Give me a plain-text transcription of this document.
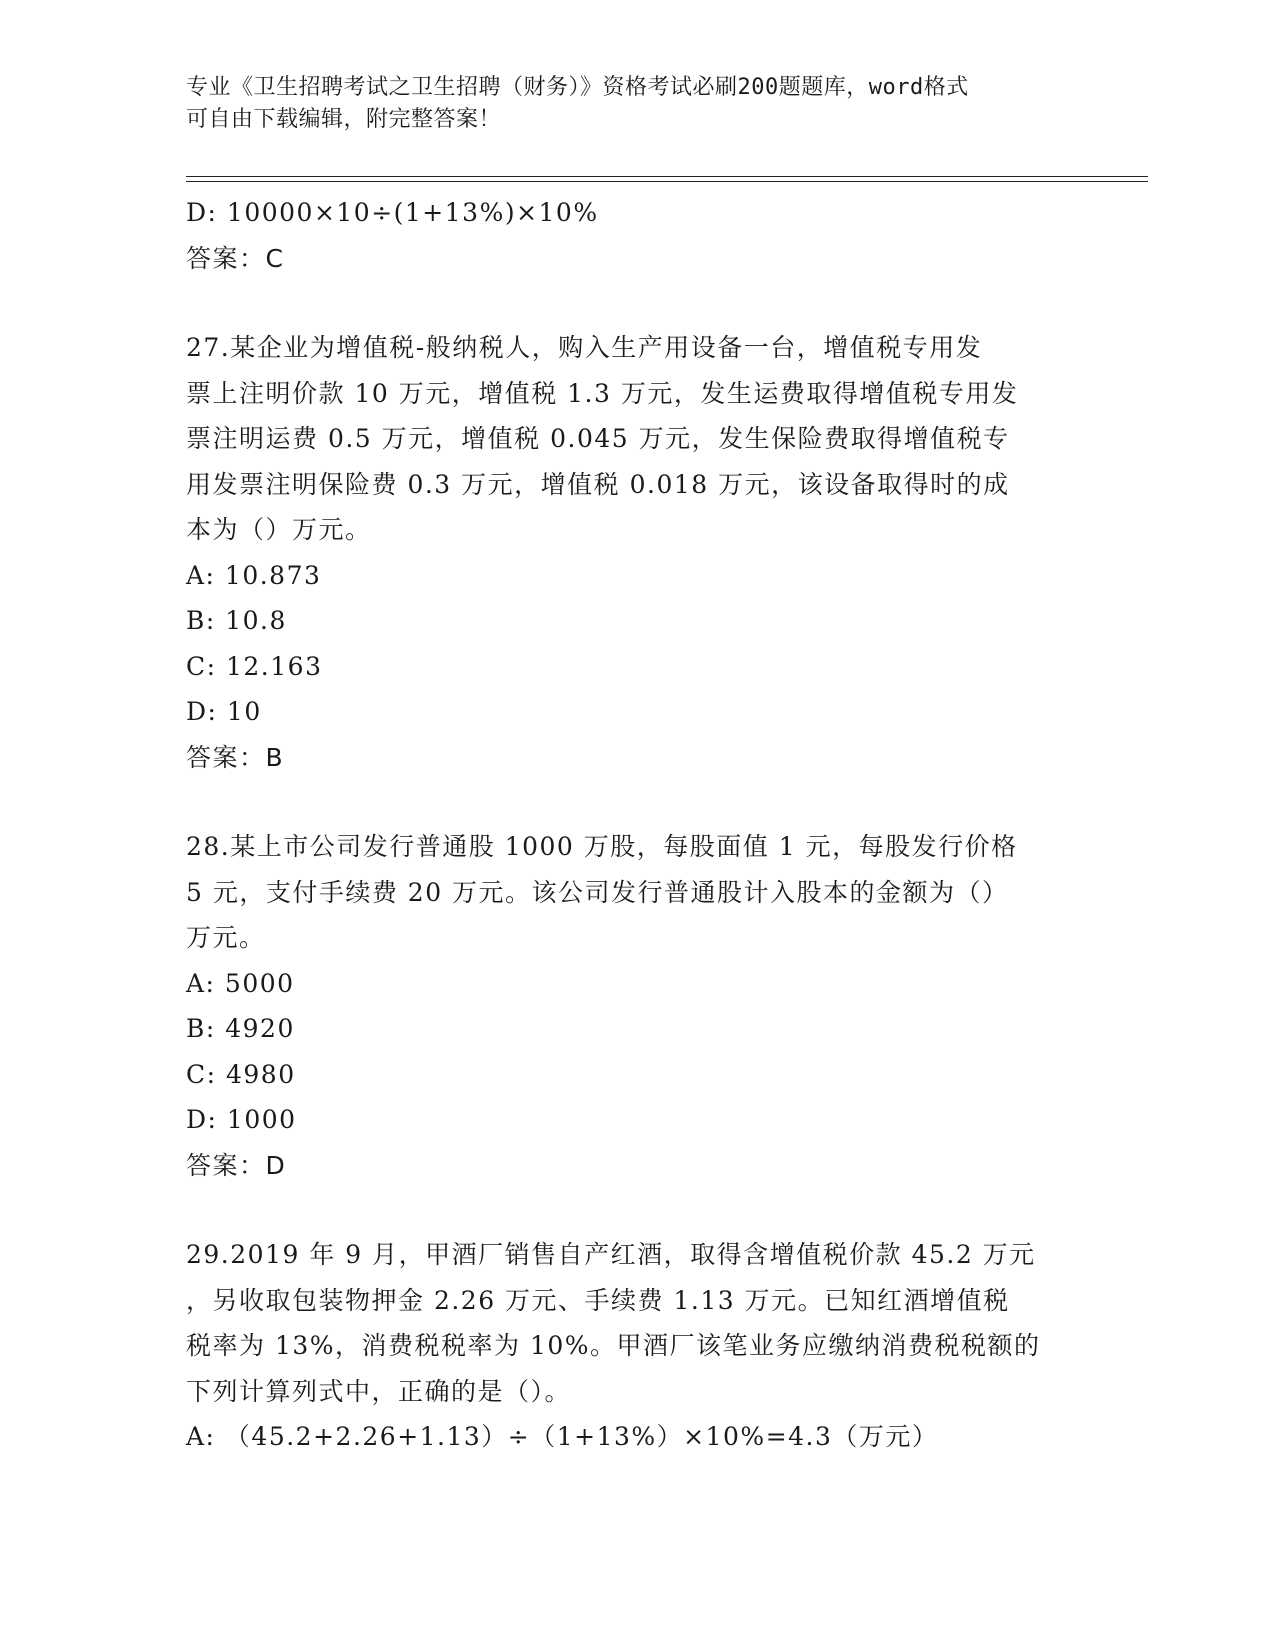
专业《卫生招聘考试之卫生招聘（财务）》资格考试必刷200题题库，word格式
可自由下载编辑，附完整答案！
D: 10000×10÷(1+13%)×10%
答案：C
27.某企业为增值税-般纳税人，购入生产用设备一台，增值税专用发
票上注明价款 10 万元，增值税 1.3 万元，发生运费取得增值税专用发
票注明运费 0.5 万元，增值税 0.045 万元，发生保险费取得增值税专
用发票注明保险费 0.3 万元，增值税 0.018 万元，该设备取得时的成
本为（）万元。
A: 10.873
B: 10.8
C: 12.163
D: 10
答案：B
28.某上市公司发行普通股 1000 万股，每股面值 1 元，每股发行价格
5 元，支付手续费 20 万元。该公司发行普通股计入股本的金额为（）
万元。
A: 5000
B: 4920
C: 4980
D: 1000
答案：D
29.2019 年 9 月，甲酒厂销售自产红酒，取得含增值税价款 45.2 万元
，另收取包装物押金 2.26 万元、手续费 1.13 万元。已知红酒增值税
税率为 13%，消费税税率为 10%。甲酒厂该笔业务应缴纳消费税税额的
下列计算列式中，正确的是（）。
A: （45.2+2.26+1.13）÷（1+13%）×10%=4.3（万元）
